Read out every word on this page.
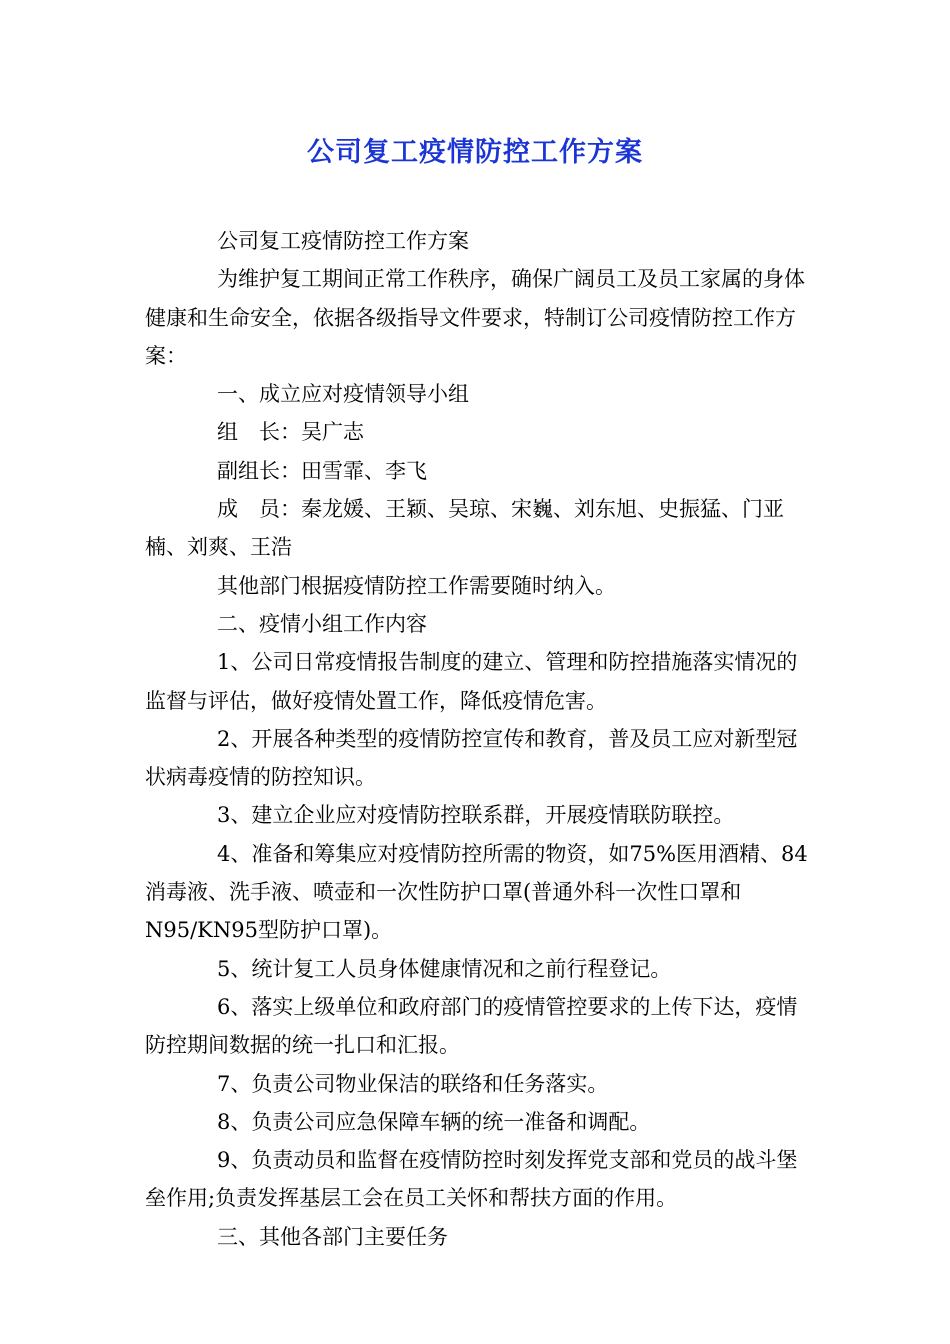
公司复工疫情防控工作方案

公司复工疫情防控工作方案

为维护复工期间正常工作秩序，确保广阔员工及员工家属的身体健康和生命安全，依据各级指导文件要求，特制订公司疫情防控工作方案：

一、成立应对疫情领导小组

组　长：吴广志

副组长：田雪霏、李飞

成　员：秦龙媛、王颖、吴琼、宋巍、刘东旭、史振猛、门亚楠、刘爽、王浩

其他部门根据疫情防控工作需要随时纳入。

二、疫情小组工作内容

1、公司日常疫情报告制度的建立、管理和防控措施落实情况的监督与评估，做好疫情处置工作，降低疫情危害。

2、开展各种类型的疫情防控宣传和教育，普及员工应对新型冠状病毒疫情的防控知识。

3、建立企业应对疫情防控联系群，开展疫情联防联控。

4、准备和筹集应对疫情防控所需的物资，如75%医用酒精、84消毒液、洗手液、喷壶和一次性防护口罩(普通外科一次性口罩和N95/KN95型防护口罩)。

5、统计复工人员身体健康情况和之前行程登记。

6、落实上级单位和政府部门的疫情管控要求的上传下达，疫情防控期间数据的统一扎口和汇报。

7、负责公司物业保洁的联络和任务落实。

8、负责公司应急保障车辆的统一准备和调配。

9、负责动员和监督在疫情防控时刻发挥党支部和党员的战斗堡垒作用;负责发挥基层工会在员工关怀和帮扶方面的作用。

三、其他各部门主要任务
